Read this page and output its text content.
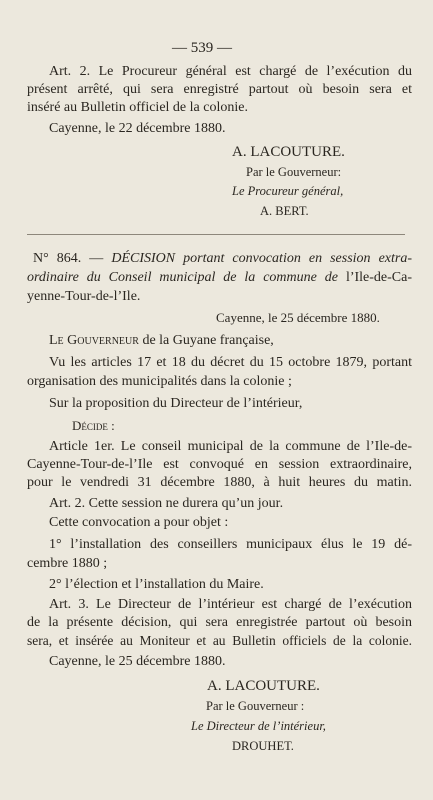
— 539 —
Art. 2. Le Procureur général est chargé de l’exécution du
présent arrêté, qui sera enregistré partout où besoin sera et
inséré au Bulletin officiel de la colonie.
Cayenne, le 22 décembre 1880.
A. LACOUTURE.
Par le Gouverneur:
Le Procureur général,
A. BERT.
N° 864. — DÉCISION portant convocation en session extra-
ordinaire du Conseil municipal de la commune de l’Ile-de-Ca-
yenne-Tour-de-l’Ile.
Cayenne, le 25 décembre 1880.
Le Gouverneur de la Guyane française,
Vu les articles 17 et 18 du décret du 15 octobre 1879, portant
organisation des municipalités dans la colonie ;
Sur la proposition du Directeur de l’intérieur,
Décide :
Article 1er. Le conseil municipal de la commune de l’Ile-de-
Cayenne-Tour-de-l’Ile est convoqué en session extraordinaire,
pour le vendredi 31 décembre 1880, à huit heures du matin.
Art. 2. Cette session ne durera qu’un jour.
Cette convocation a pour objet :
1° l’installation des conseillers municipaux élus le 19 dé-
cembre 1880 ;
2° l’élection et l’installation du Maire.
Art. 3. Le Directeur de l’intérieur est chargé de l’exécution
de la présente décision, qui sera enregistrée partout où besoin
sera, et insérée au Moniteur et au Bulletin officiels de la colonie.
Cayenne, le 25 décembre 1880.
A. LACOUTURE.
Par le Gouverneur :
Le Directeur de l’intérieur,
DROUHET.
